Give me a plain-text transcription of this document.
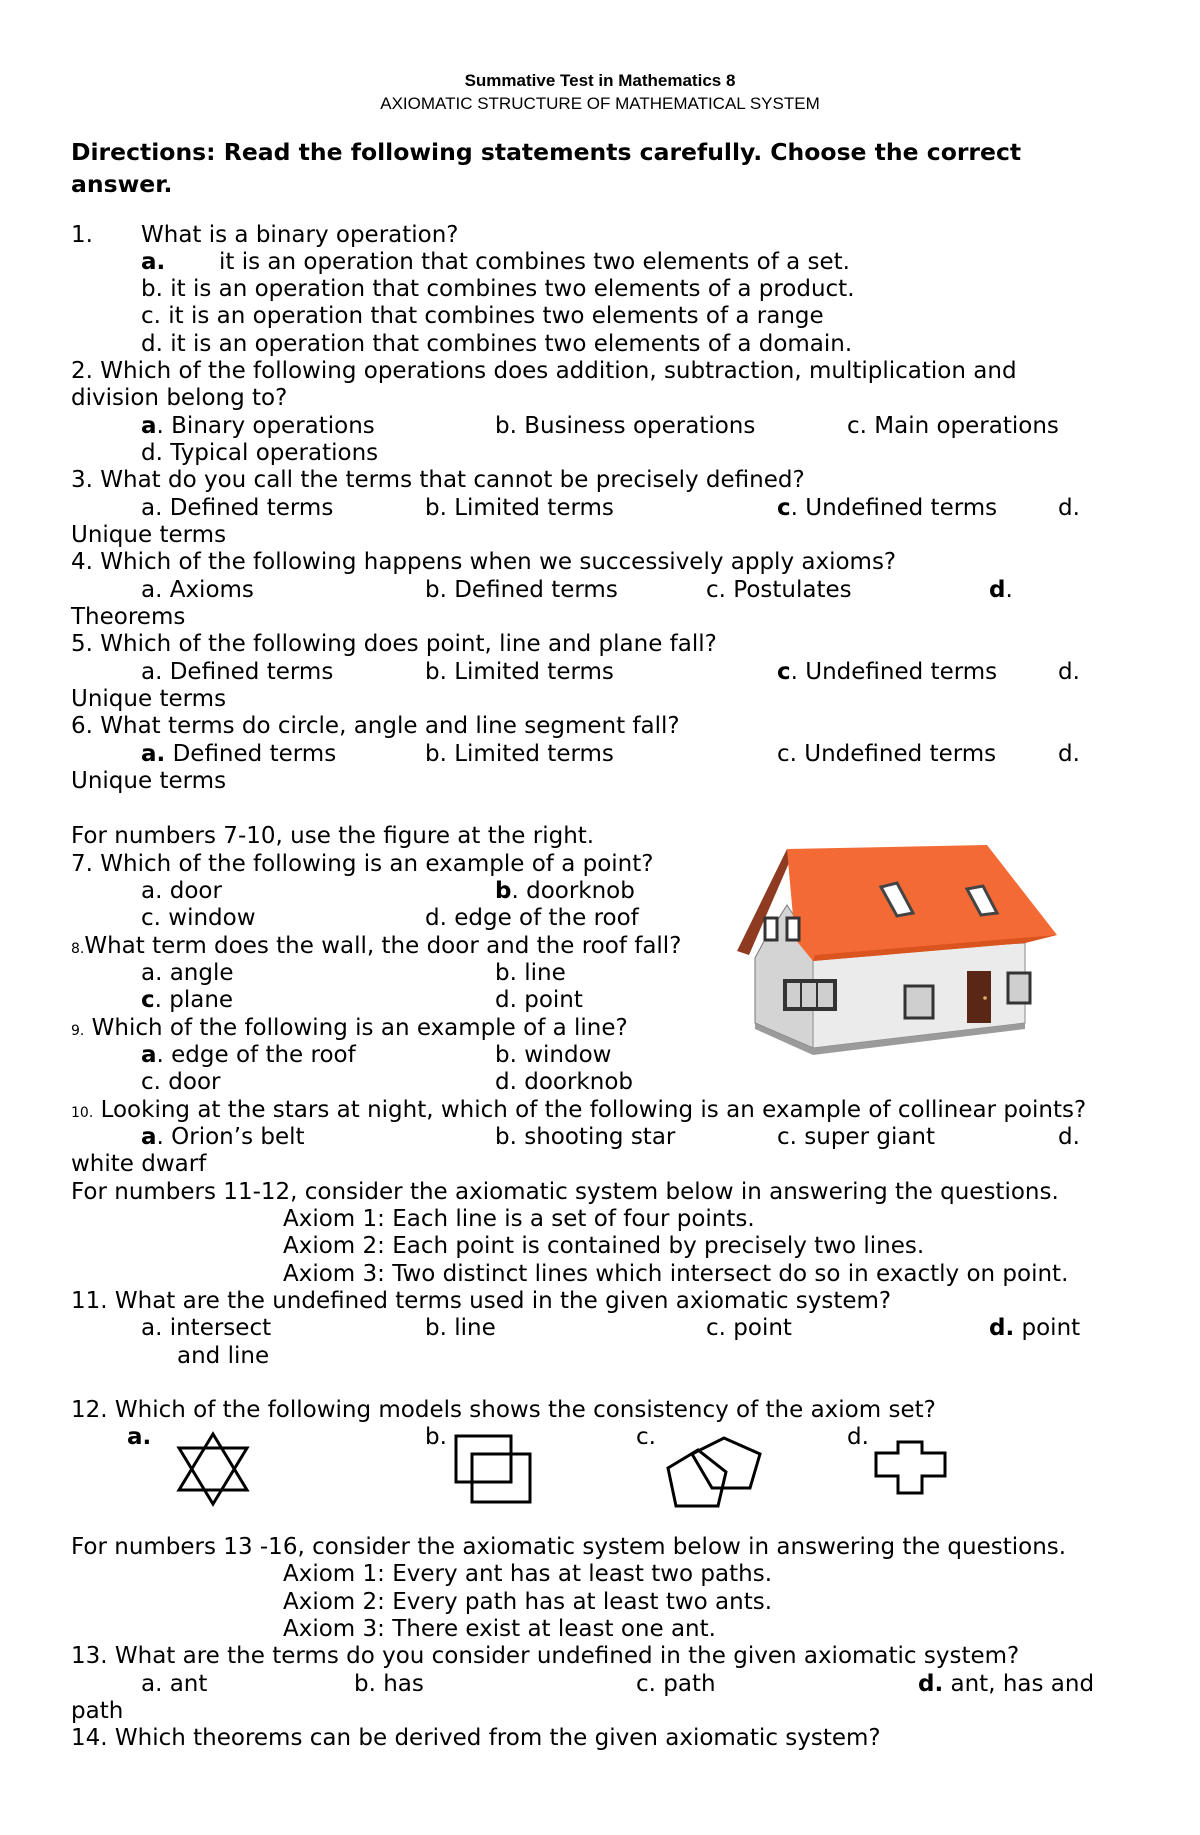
Summative Test in Mathematics 8
AXIOMATIC STRUCTURE OF MATHEMATICAL SYSTEM
Directions: Read the following statements carefully. Choose the correct
answer.
1. What is a binary operation?
a. it is an operation that combines two elements of a set.
b. it is an operation that combines two elements of a product.
c. it is an operation that combines two elements of a range
d. it is an operation that combines two elements of a domain.
2. Which of the following operations does addition, subtraction, multiplication and
division belong to?
a. Binary operations	b. Business operations	c. Main operations
d. Typical operations
3. What do you call the terms that cannot be precisely defined?
a. Defined terms	b. Limited terms	c. Undefined terms	d.
Unique terms
4. Which of the following happens when we successively apply axioms?
a. Axioms	b. Defined terms	c. Postulates	d.
Theorems
5. Which of the following does point, line and plane fall?
a. Defined terms	b. Limited terms	c. Undefined terms	d.
Unique terms
6. What terms do circle, angle and line segment fall?
a. Defined terms	b. Limited terms	c. Undefined terms	d.
Unique terms
For numbers 7-10, use the figure at the right.
7. Which of the following is an example of a point?
a. door	b. doorknob
c. window	d. edge of the roof
8.What term does the wall, the door and the roof fall?
a. angle	b. line
c. plane	d. point
9. Which of the following is an example of a line?
a. edge of the roof	b. window
c. door	d. doorknob
10. Looking at the stars at night, which of the following is an example of collinear points?
a. Orion’s belt	b. shooting star	c. super giant	d.
white dwarf
For numbers 11-12, consider the axiomatic system below in answering the questions.
Axiom 1: Each line is a set of four points.
Axiom 2: Each point is contained by precisely two lines.
Axiom 3: Two distinct lines which intersect do so in exactly on point.
11. What are the undefined terms used in the given axiomatic system?
a. intersect
and line
b. line	c. point	d. point
12. Which of the following models shows the consistency of the axiom set?
a.	b.	c.	d.
For numbers 13 -16, consider the axiomatic system below in answering the questions.
Axiom 1: Every ant has at least two paths.
Axiom 2: Every path has at least two ants.
Axiom 3: There exist at least one ant.
13. What are the terms do you consider undefined in the given axiomatic system?
a. ant	b. has	c. path	d. ant, has and
path
14. Which theorems can be derived from the given axiomatic system?
